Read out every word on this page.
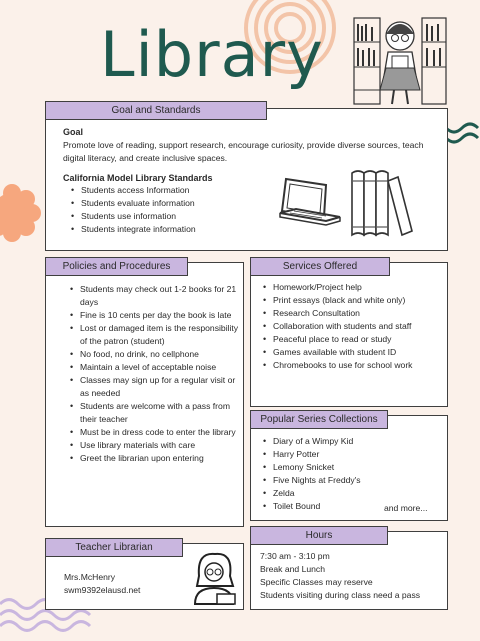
Library
Goal
Promote love of reading, support research, encourage curiosity, provide diverse sources, teach digital literacy, and create inclusive spaces.
California Model Library Standards
• Students access Information
• Students evaluate information
• Students use information
• Students integrate information
Goal and Standards
• Students may check out 1-2 books for 21 days
• Fine is 10 cents per day the book is late
• Lost or damaged item is the responsibility of the patron (student)
• No food, no drink, no cellphone
• Maintain a level of acceptable noise
• Classes may sign up for a regular visit or as needed
• Students are welcome with a pass from their teacher
• Must be in dress code to enter the library
• Use library materials with care
• Greet the librarian upon entering
Policies and Procedures
• Homework/Project help
• Print essays (black and white only)
• Research Consultation
• Collaboration with students and staff
• Peaceful place to read or study
• Games available with student ID
• Chromebooks to use for school work
Services Offered
• Diary of a Wimpy Kid
• Harry Potter
• Lemony Snicket
• Five Nights at Freddy's
• Zelda
• Toilet Bound	and more...
Popular Series Collections
Mrs.McHenry
swm9392elausd.net
Teacher Librarian
7:30 am - 3:10 pm
Break and Lunch
Specific Classes may reserve
Students visiting during class need a pass
Hours
